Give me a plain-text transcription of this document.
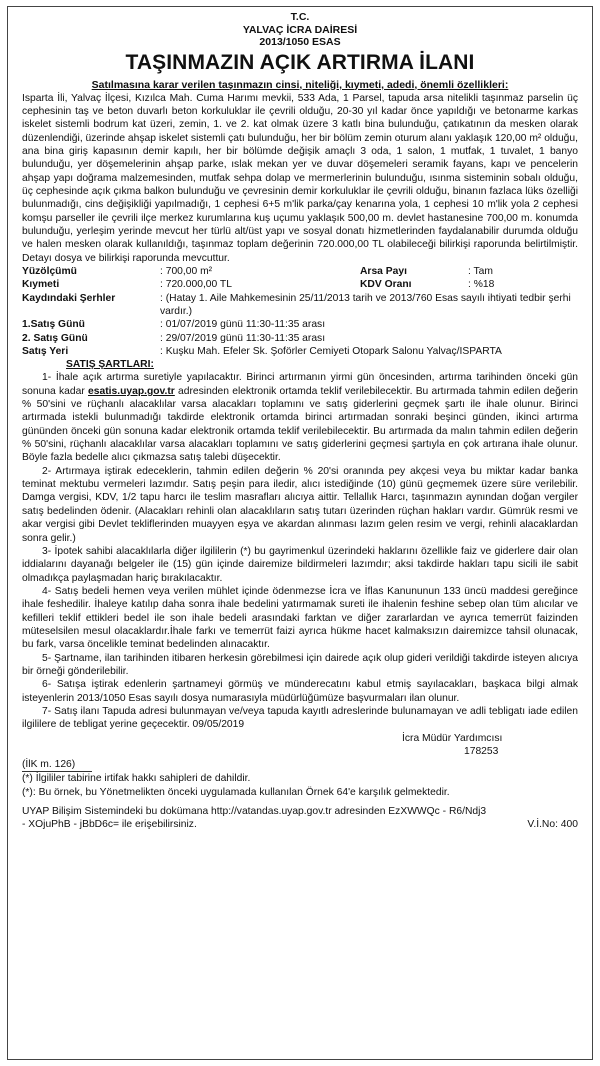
T.C.
YALVAÇ İCRA DAİRESİ
2013/1050 ESAS
TAŞINMAZIN AÇIK ARTIRMA İLANI
Satılmasına karar verilen taşınmazın cinsi, niteliği, kıymeti, adedi, önemli özellikleri:

Isparta İli, Yalvaç İlçesi, Kızılca Mah. Cuma Harımı mevkii, 533 Ada, 1 Parsel, tapuda arsa nitelikli taşınmaz parselin üç cephesinin taş ve beton duvarlı beton korkuluklar ile çevrili olduğu, 20-30 yıl kadar önce yapıldığı ve betonarme karkas iskelet sistemli bodrum kat üzeri, zemin, 1. ve 2. kat olmak üzere 3 katlı bina bulunduğu, çatıkatının da mesken olarak düzenlendiği, üzerinde ahşap iskelet sistemli çatı bulunduğu, her bir bölüm zemin oturum alanı yaklaşık 120,00 m² olduğu, ana bina giriş kapasının demir kapılı, her bir bölümde değişik amaçlı 3 oda, 1 salon, 1 mutfak, 1 tuvalet, 1 banyo bulunduğu, yer döşemelerinin ahşap parke, ıslak mekan yer ve duvar döşemeleri seramik fayans, kapı ve pencelerin ahşap yapı doğrama malzemesinden, mutfak sehpa dolap ve mermerlerinin bulunduğu, ısınma sisteminin sobalı olduğu, üç cephesinde açık çıkma balkon bulunduğu ve çevresinin demir korkuluklar ile çevrili olduğu, binanın fazlaca lüks özelliği bulunmadığı, cins değişikliği yapılmadığı, 1 cephesi 6+5 m'lik parka/çay kenarına yola, 1 cephesi 10 m'lik yola 2 cephesi komşu parseller ile çevrili ilçe merkez kurumlarına kuş uçumu yaklaşık 500,00 m. devlet hastanesine 700,00 m. konumda bulunduğu, yerleşim yerinde mevcut her türlü alt/üst yapı ve sosyal donatı hizmetlerinden faydalanabilir durumda olduğu ve halen mesken olarak kullanıldığı, taşınmaz toplam değerinin 720.000,00 TL olabileceği bilirkişi raporunda belirtilmiştir. Detayı dosya ve bilirkişi raporunda mevcuttur.

Yüzölçümü	: 700,00 m²	Arsa Payı	: Tam
Kıymeti	: 720.000,00 TL	KDV Oranı	: %18
Kaydındaki Şerhler	: (Hatay 1. Aile Mahkemesinin 25/11/2013 tarih ve 2013/760 Esas sayılı ihtiyati tedbir şerhi vardır.)
1.Satış Günü	: 01/07/2019 günü 11:30-11:35 arası
2. Satış Günü	: 29/07/2019 günü 11:30-11:35 arası
Satış Yeri	: Kuşku Mah. Efeler Sk. Şoförler Cemiyeti Otopark Salonu Yalvaç/ISPARTA
SATIŞ ŞARTLARI:

1- İhale açık artırma suretiyle yapılacaktır. Birinci artırmanın yirmi gün öncesinden, artırma tarihinden önceki gün sonuna kadar esatis.uyap.gov.tr adresinden elektronik ortamda teklif verilebilecektir. Bu artırmada tahmin edilen değerin % 50'sini ve rüçhanlı alacaklılar varsa alacakları toplamını ve satış giderlerini geçmek şartı ile ihale olunur. Birinci artırmada istekli bulunmadığı takdirde elektronik ortamda birinci artırmadan sonraki beşinci günden, ikinci artırma gününden önceki gün sonuna kadar elektronik ortamda teklif verilebilecektir. Bu artırmada da malın tahmin edilen değerin % 50'sini, rüçhanlı alacaklılar varsa alacakları toplamını ve satış giderlerini geçmesi şartıyla en çok artırana ihale olunur. Böyle fazla bedelle alıcı çıkmazsa satış talebi düşecektir.

2- Artırmaya iştirak edeceklerin, tahmin edilen değerin % 20'si oranında pey akçesi veya bu miktar kadar banka teminat mektubu vermeleri lazımdır. Satış peşin para iledir, alıcı istediğinde (10) günü geçmemek üzere süre verilebilir. Damga vergisi, KDV, 1/2 tapu harcı ile teslim masrafları alıcıya aittir. Tellallık Harcı, taşınmazın aynından doğan vergiler satış bedelinden ödenir. (Alacakları rehinli olan alacaklıların satış tutarı üzerinden rüçhan hakları vardır. Gümrük resmi ve akar vergisi gibi Devlet tekliflerinden muayyen eşya ve akardan alınması lazım gelen resim ve vergi, rehinli alacaklardan sonra gelir.)

3- İpotek sahibi alacaklılarla diğer ilgililerin (*) bu gayrimenkul üzerindeki haklarını özellikle faiz ve giderlere dair olan iddialarını dayanağı belgeler ile (15) gün içinde dairemize bildirmeleri lazımdır; aksi takdirde hakları tapu sicili ile sabit olmadıkça paylaşmadan hariç bırakılacaktır.

4- Satış bedeli hemen veya verilen mühlet içinde ödenmezse İcra ve İflas Kanununun 133 üncü maddesi gereğince ihale feshedilir. İhaleye katılıp daha sonra ihale bedelini yatırmamak sureti ile ihalenin feshine sebep olan tüm alıcılar ve kefilleri teklif ettikleri bedel ile son ihale bedeli arasındaki farktan ve diğer zararlardan ve ayrıca temerrüt faizinden müteselsilen mesul olacaklardır.İhale farkı ve temerrüt faizi ayrıca hükme hacet kalmaksızın dairemizce tahsil olunacak, bu fark, varsa öncelikle teminat bedelinden alınacaktır.

5- Şartname, ilan tarihinden itibaren herkesin görebilmesi için dairede açık olup gideri verildiği takdirde isteyen alıcıya bir örneği gönderilebilir.

6- Satışa iştirak edenlerin şartnameyi görmüş ve münderecatını kabul etmiş sayılacakları, başkaca bilgi almak isteyenlerin 2013/1050 Esas sayılı dosya numarasıyla müdürlüğümüze başvurmaları ilan olunur.

7- Satış ilanı Tapuda adresi bulunmayan ve/veya tapuda kayıtlı adreslerinde bulunamayan ve adli tebligatı iade edilen ilgililere de tebligat yerine geçecektir. 09/05/2019

İcra Müdür Yardımcısı
178253
(İlK m. 126)
(*) İlgililer tabirine irtifak hakkı sahipleri de dahildir.
(*): Bu örnek, bu Yönetmelikten önceki uygulamada kullanılan Örnek 64'e karşılık gelmektedir.
UYAP Bilişim Sistemindeki bu dokümana http://vatandas.uyap.gov.tr adresinden EzXWWQc - R6/Ndj3
- XOjuPhB - jBbD6c= ile erişebilirsiniz.	V.İ.No: 400
